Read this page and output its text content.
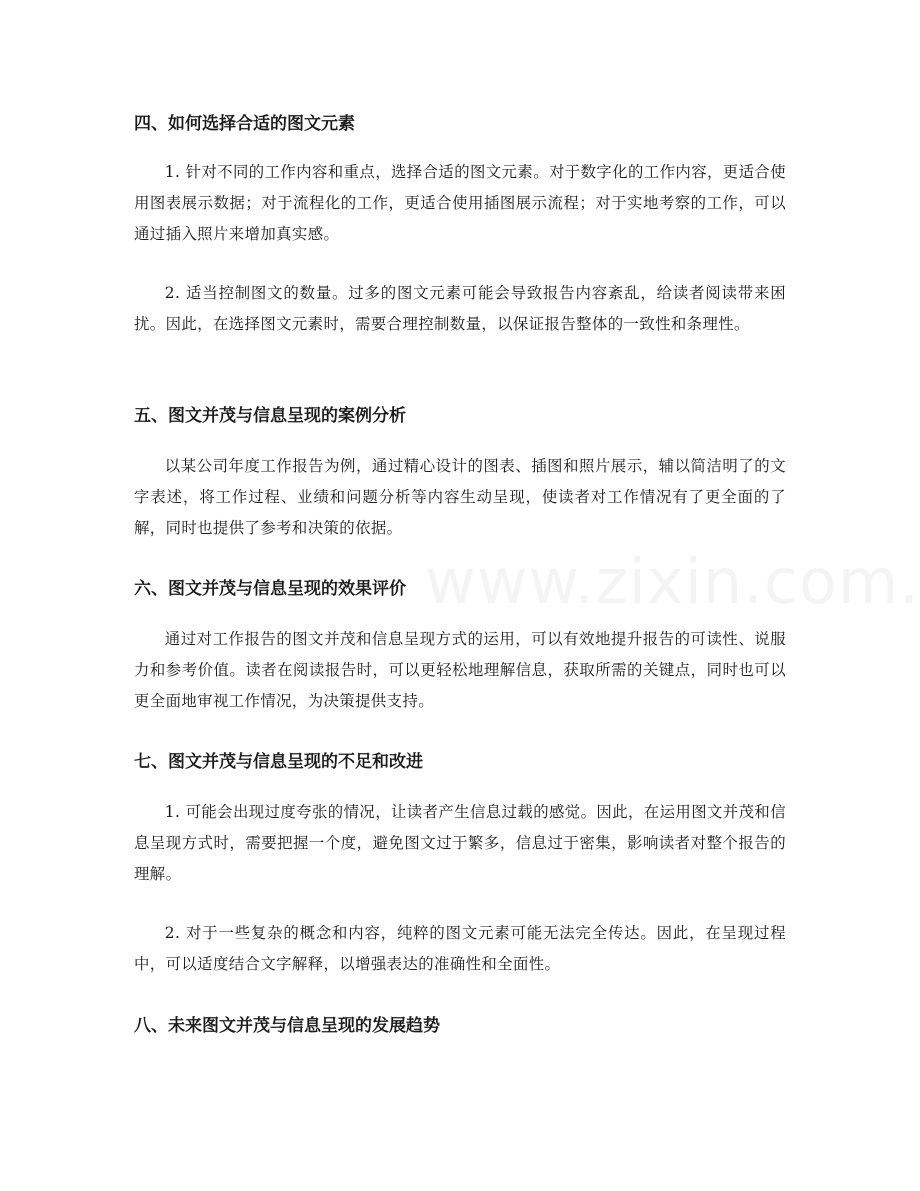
四、如何选择合适的图文元素
1. 针对不同的工作内容和重点，选择合适的图文元素。对于数字化的工作内容，更适合使用图表展示数据；对于流程化的工作，更适合使用插图展示流程；对于实地考察的工作，可以通过插入照片来增加真实感。
2. 适当控制图文的数量。过多的图文元素可能会导致报告内容紊乱，给读者阅读带来困扰。因此，在选择图文元素时，需要合理控制数量，以保证报告整体的一致性和条理性。
五、图文并茂与信息呈现的案例分析
以某公司年度工作报告为例，通过精心设计的图表、插图和照片展示，辅以简洁明了的文字表述，将工作过程、业绩和问题分析等内容生动呈现，使读者对工作情况有了更全面的了解，同时也提供了参考和决策的依据。
六、图文并茂与信息呈现的效果评价
通过对工作报告的图文并茂和信息呈现方式的运用，可以有效地提升报告的可读性、说服力和参考价值。读者在阅读报告时，可以更轻松地理解信息，获取所需的关键点，同时也可以更全面地审视工作情况，为决策提供支持。
七、图文并茂与信息呈现的不足和改进
1. 可能会出现过度夸张的情况，让读者产生信息过载的感觉。因此，在运用图文并茂和信息呈现方式时，需要把握一个度，避免图文过于繁多，信息过于密集，影响读者对整个报告的理解。
2. 对于一些复杂的概念和内容，纯粹的图文元素可能无法完全传达。因此，在呈现过程中，可以适度结合文字解释，以增强表达的准确性和全面性。
八、未来图文并茂与信息呈现的发展趋势
